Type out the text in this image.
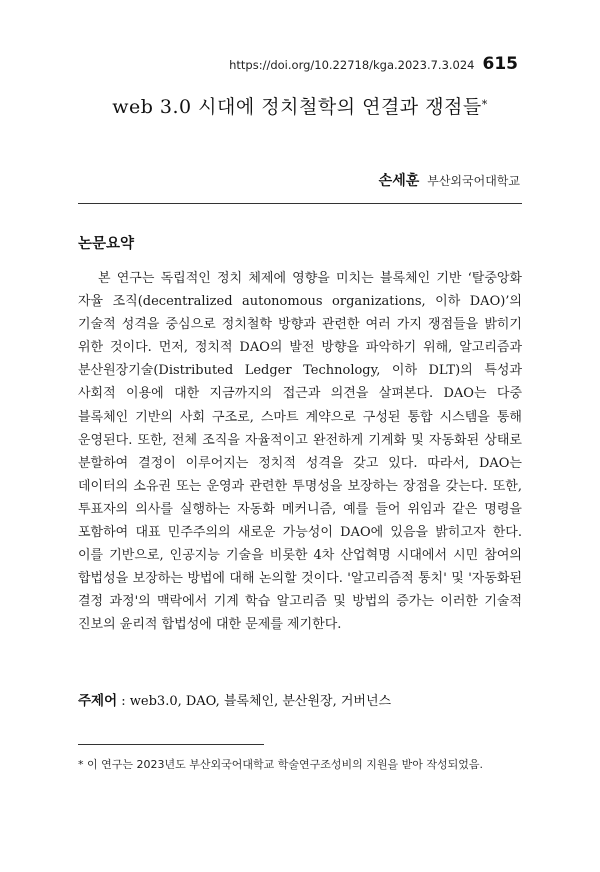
https://doi.org/10.22718/kga.2023.7.3.024 615
web 3.0 시대에 정치철학의 연결과 쟁점들*
손세훈 부산외국어대학교
논문요약

본 연구는 독립적인 정치 체제에 영향을 미치는 블록체인 기반 ‘탈중앙화 자율 조직(decentralized autonomous organizations, 이하 DAO)’의 기술적 성격을 중심으로 정치철학 방향과 관련한 여러 가지 쟁점들을 밝히기 위한 것이다. 먼저, 정치적 DAO의 발전 방향을 파악하기 위해, 알고리즘과 분산원장기술(Distributed Ledger Technology, 이하 DLT)의 특성과 사회적 이용에 대한 지금까지의 접근과 의견을 살펴본다. DAO는 다중 블록체인 기반의 사회 구조로, 스마트 계약으로 구성된 통합 시스템을 통해 운영된다. 또한, 전체 조직을 자율적이고 완전하게 기계화 및 자동화된 상태로 분할하여 결정이 이루어지는 정치적 성격을 갖고 있다. 따라서, DAO는 데이터의 소유권 또는 운영과 관련한 투명성을 보장하는 장점을 갖는다. 또한, 투표자의 의사를 실행하는 자동화 메커니즘, 예를 들어 위임과 같은 명령을 포함하여 대표 민주주의의 새로운 가능성이 DAO에 있음을 밝히고자 한다. 이를 기반으로, 인공지능 기술을 비롯한 4차 산업혁명 시대에서 시민 참여의 합법성을 보장하는 방법에 대해 논의할 것이다. '알고리즘적 통치' 및 '자동화된 결정 과정'의 맥락에서 기계 학습 알고리즘 및 방법의 증가는 이러한 기술적 진보의 윤리적 합법성에 대한 문제를 제기한다.

주제어 : web3.0, DAO, 블록체인, 분산원장, 거버넌스
* 이 연구는 2023년도 부산외국어대학교 학술연구조성비의 지원을 받아 작성되었음.
